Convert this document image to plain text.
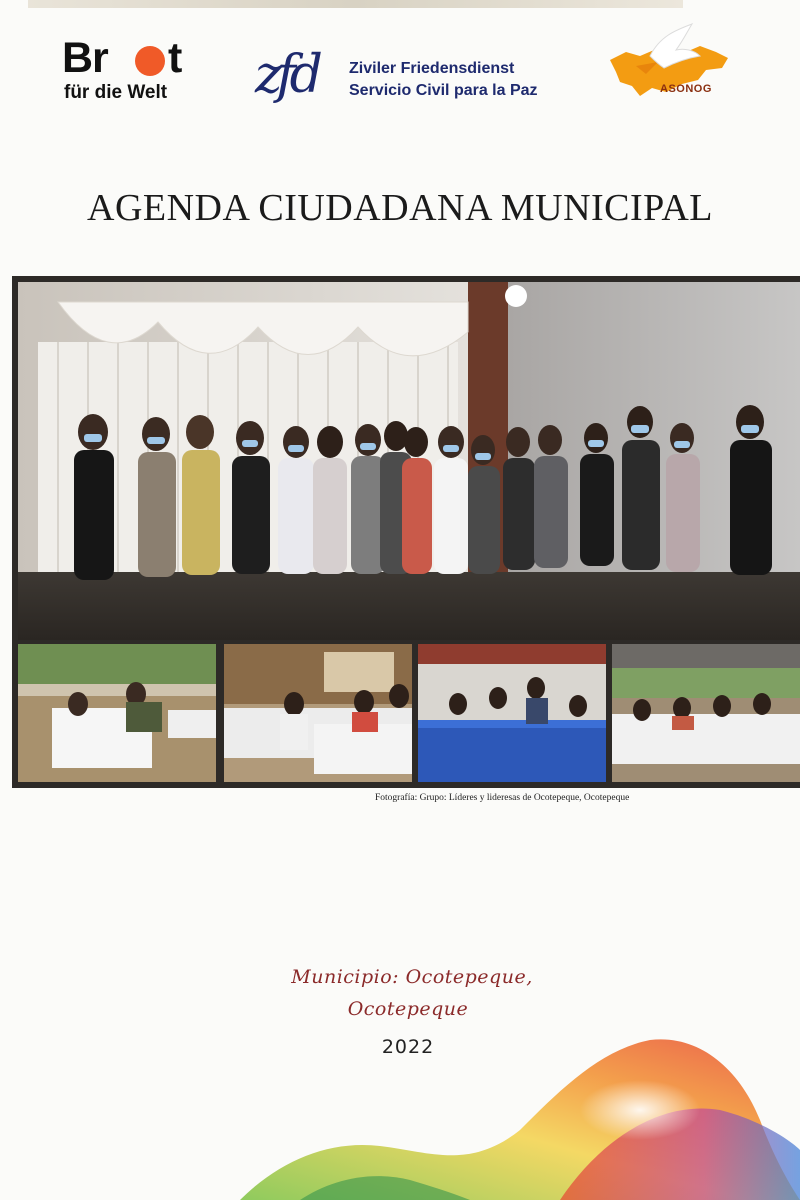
Br t
für die Welt zfd Ziviler Friedensdienst
Servicio Civil para la Paz	ASONOG
AGENDA CIUDADANA MUNICIPAL
Fotografía: Grupo: Líderes y lideresas de Ocotepeque, Ocotepeque
Municipio: Ocotepeque,
Ocotepeque
2022
